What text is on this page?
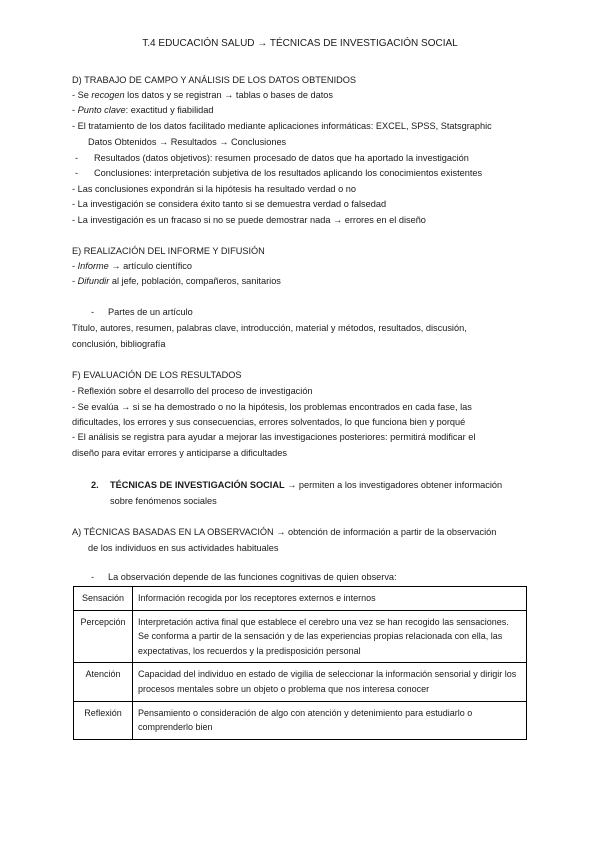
T.4 EDUCACIÓN SALUD → TÉCNICAS DE INVESTIGACIÓN SOCIAL
D) TRABAJO DE CAMPO Y ANÁLISIS DE LOS DATOS OBTENIDOS
- Se recogen los datos y se registran → tablas o bases de datos
- Punto clave: exactitud y fiabilidad
- El tratamiento de los datos facilitado mediante aplicaciones informáticas: EXCEL, SPSS, Statsgraphic
Datos Obtenidos → Resultados → Conclusiones
- Resultados (datos objetivos): resumen procesado de datos que ha aportado la investigación
- Conclusiones: interpretación subjetiva de los resultados aplicando los conocimientos existentes
- Las conclusiones expondrán si la hipótesis ha resultado verdad o no
- La investigación se considera éxito tanto si se demuestra verdad o falsedad
- La investigación es un fracaso si no se puede demostrar nada → errores en el diseño
E) REALIZACIÓN DEL INFORME Y DIFUSIÓN
- Informe → artículo científico
- Difundir al jefe, población, compañeros, sanitarios
- Partes de un artículo
Título, autores, resumen, palabras clave, introducción, material y métodos, resultados, discusión,
conclusión, bibliografía
F) EVALUACIÓN DE LOS RESULTADOS
- Reflexión sobre el desarrollo del proceso de investigación
- Se evalúa → si se ha demostrado o no la hipótesis, los problemas encontrados en cada fase, las
dificultades, los errores y sus consecuencias, errores solventados, lo que funciona bien y porqué
- El análisis se registra para ayudar a mejorar las investigaciones posteriores: permitirá modificar el
diseño para evitar errores y anticiparse a dificultades
2. TÉCNICAS DE INVESTIGACIÓN SOCIAL → permiten a los investigadores obtener información
sobre fenómenos sociales
A) TÉCNICAS BASADAS EN LA OBSERVACIÓN → obtención de información a partir de la observación
de los individuos en sus actividades habituales
- La observación depende de las funciones cognitivas de quien observa:
Sensación	Información recogida por los receptores externos e internos
Percepción	Interpretación activa final que establece el cerebro una vez se han recogido las sensaciones. Se conforma a partir de la sensación y de las experiencias propias relacionada con ella, las expectativas, los recuerdos y la predisposición personal
Atención	Capacidad del individuo en estado de vigilia de seleccionar la información sensorial y dirigir los procesos mentales sobre un objeto o problema que nos interesa conocer
Reflexión	Pensamiento o consideración de algo con atención y detenimiento para estudiarlo o comprenderlo bien
